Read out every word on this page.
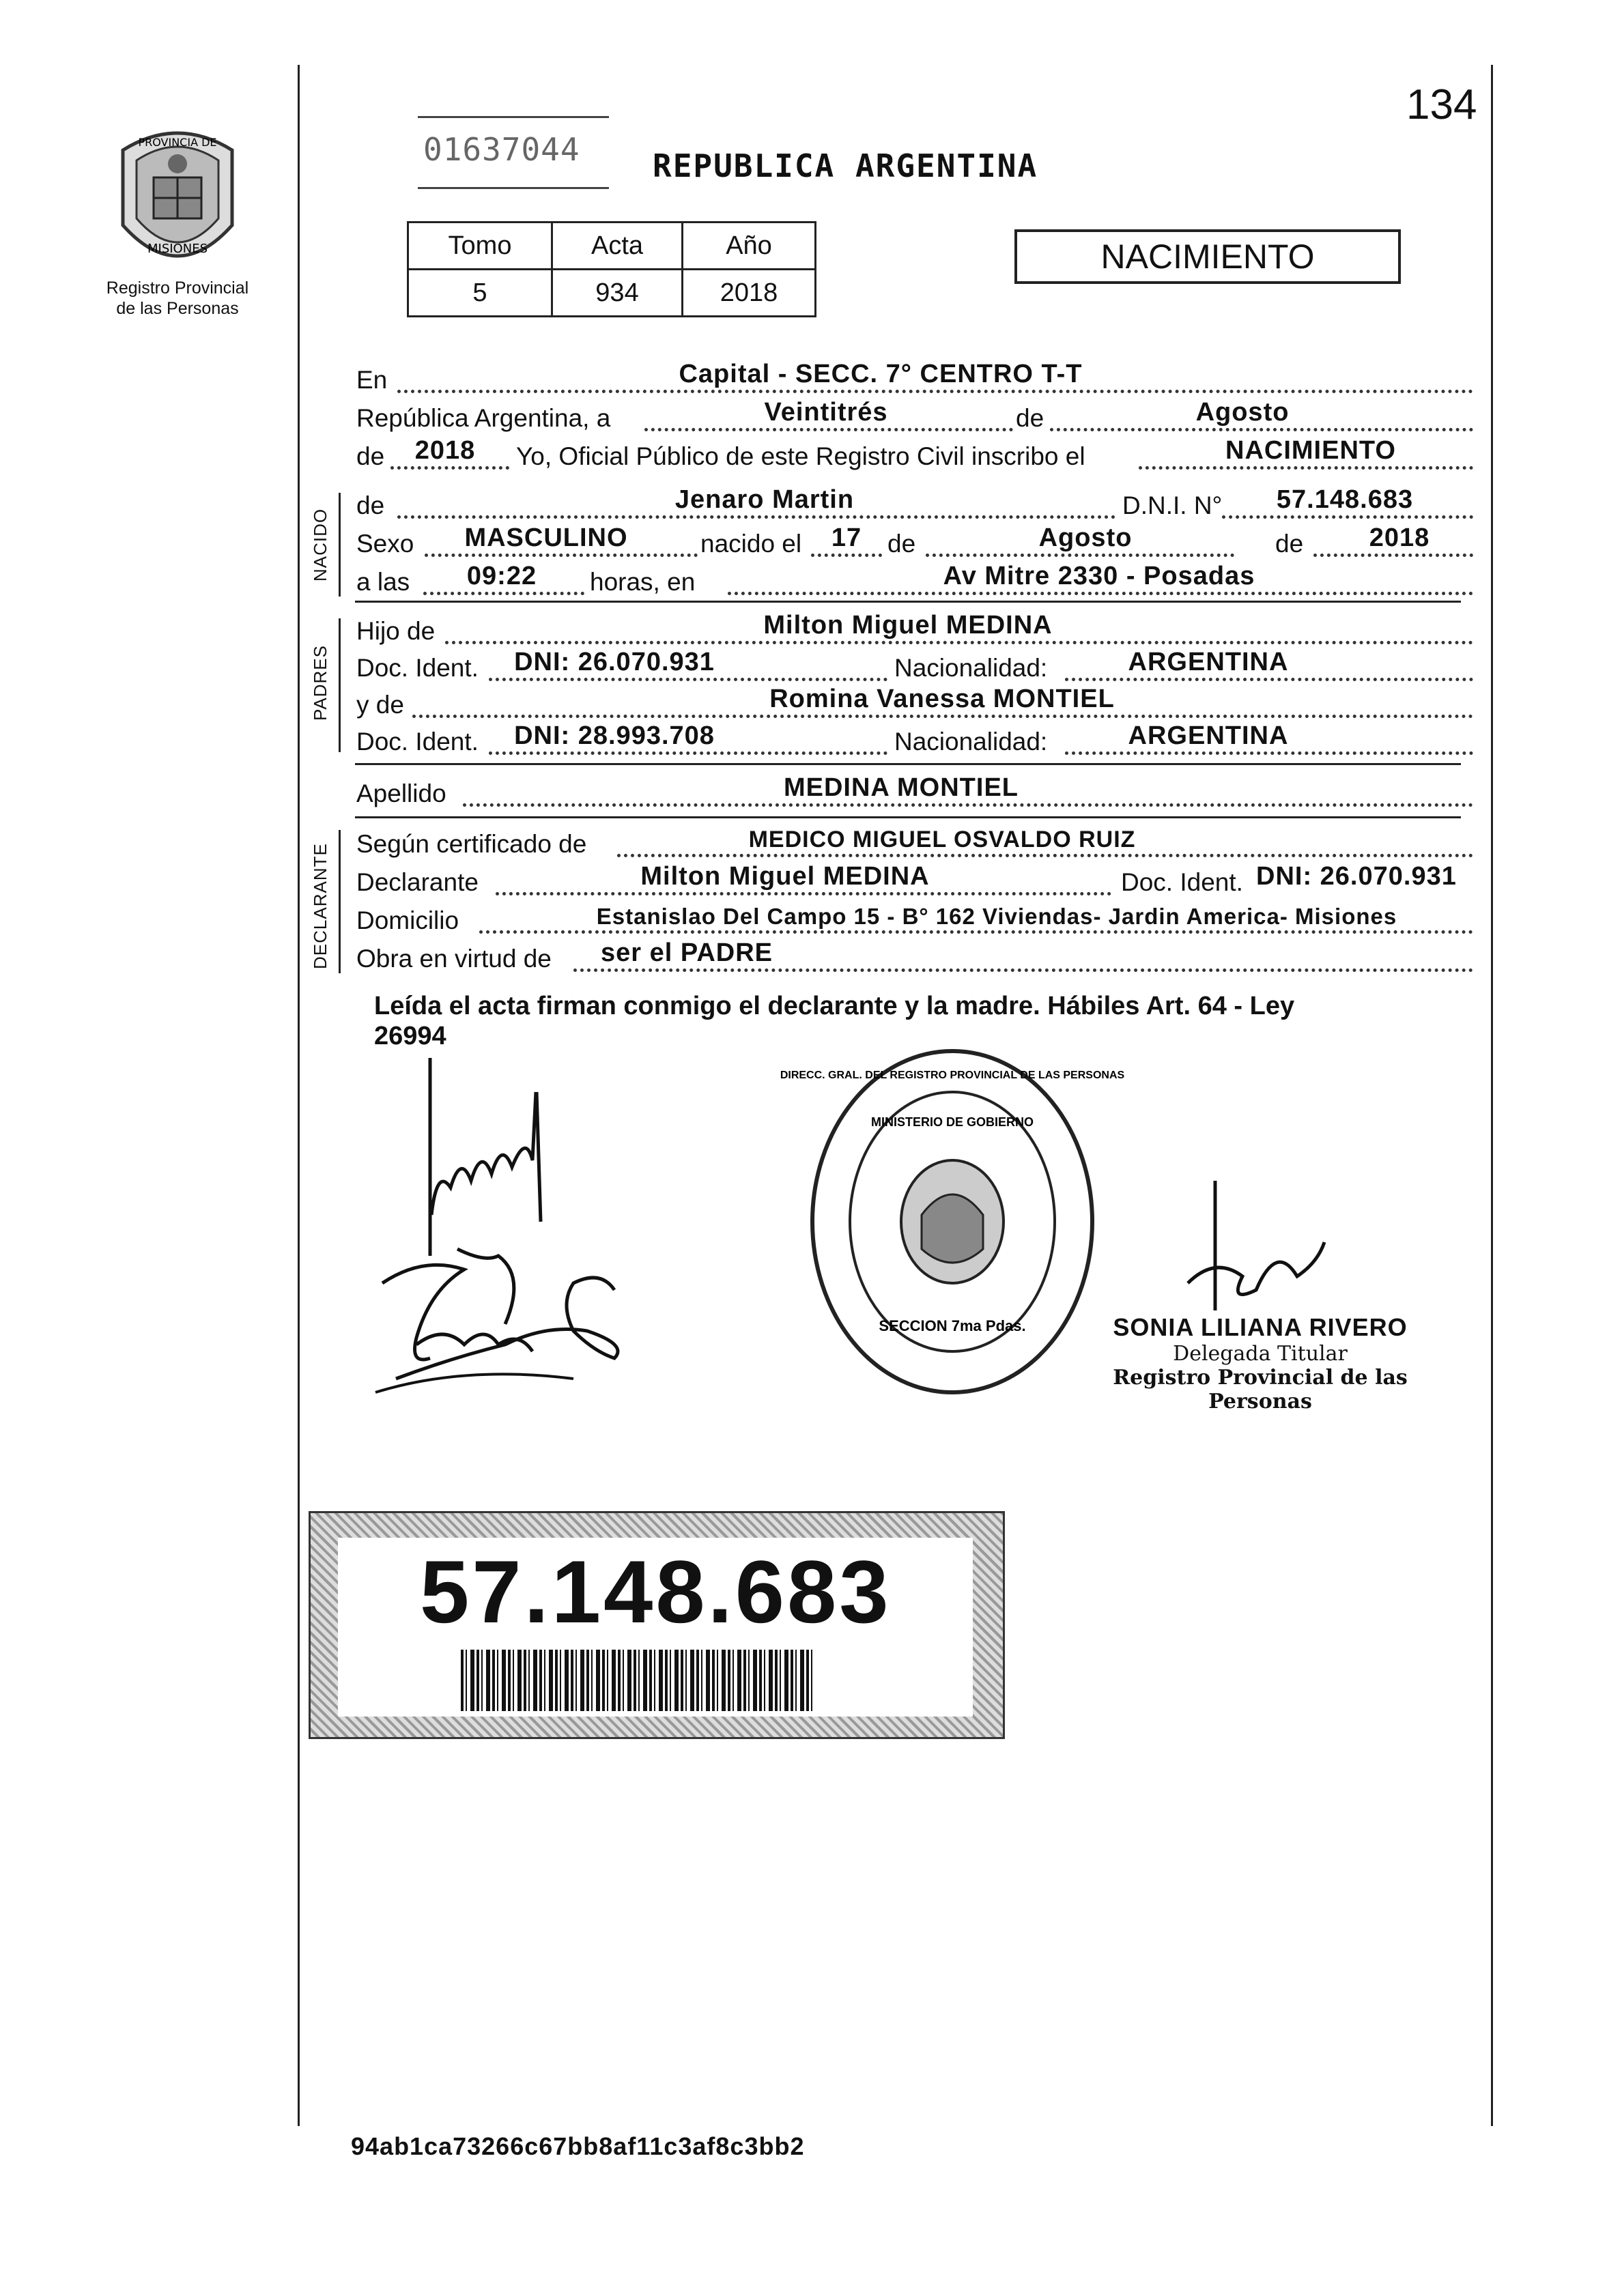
134
PROVINCIA DE
MISIONES
Registro Provincial
de las Personas
01637044 REPUBLICA ARGENTINA
Tomo	Acta	Año
5	934	2018
NACIMIENTO
En	Capital - SECC. 7° CENTRO T-T
República Argentina, a	Veintitrés	de	Agosto
de	2018	Yo, Oficial Público de este Registro Civil inscribo el	NACIMIENTO
NACIDO
de	Jenaro Martin	D.N.I. N°	57.148.683
Sexo	MASCULINO	nacido el	17	de	Agosto	de	2018
a las	09:22	horas, en	Av Mitre 2330 - Posadas
PADRES
Hijo de	Milton Miguel MEDINA
Doc. Ident.	DNI: 26.070.931	Nacionalidad:	ARGENTINA
y de	Romina Vanessa MONTIEL
Doc. Ident.	DNI: 28.993.708	Nacionalidad:	ARGENTINA
Apellido	MEDINA MONTIEL
DECLARANTE Según certificado de	MEDICO MIGUEL OSVALDO RUIZ
Declarante	Milton Miguel MEDINA	Doc. Ident. DNI: 26.070.931
Domicilio	Estanislao Del Campo 15 - B° 162 Viviendas- Jardin America- Misiones
Obra en virtud de ser el PADRE
Leída el acta firman conmigo el declarante y la madre. Hábiles Art. 64 - Ley
26994
DIRECC. GRAL. DEL REGISTRO PROVINCIAL DE LAS PERSONAS
MINISTERIO DE GOBIERNO
SECCION 7ma Pdas.	SONIA LILIANA RIVERO
Delegada Titular
Registro Provincial de las Personas
57.148.683
94ab1ca73266c67bb8af11c3af8c3bb2
